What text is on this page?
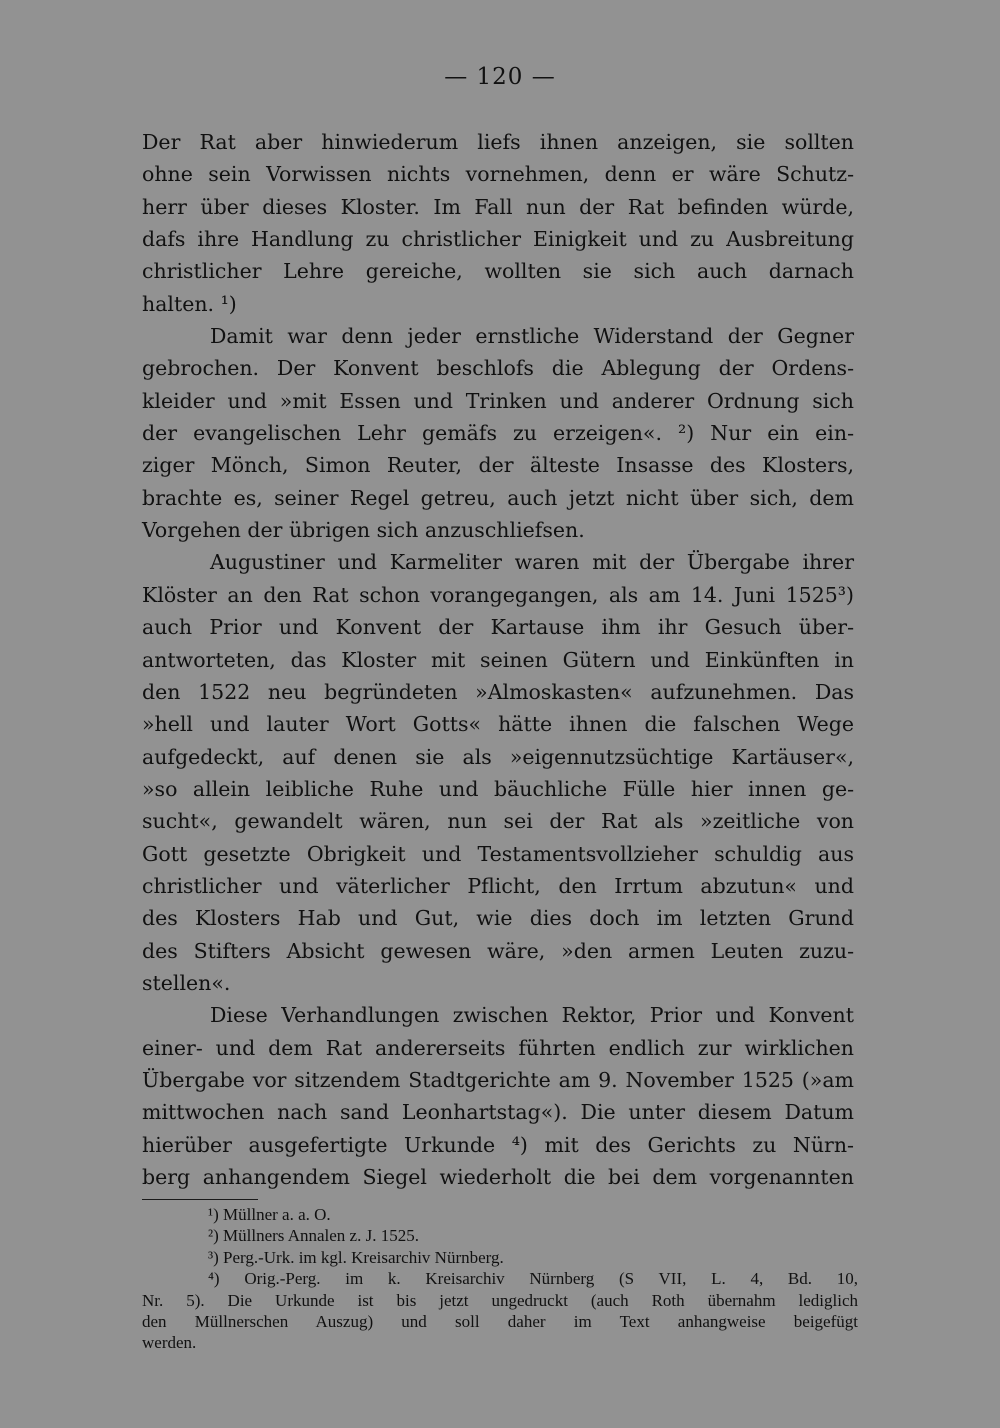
— 120 —
Der Rat aber hinwiederum liefs ihnen anzeigen, sie sollten
ohne sein Vorwissen nichts vornehmen, denn er wäre Schutz-
herr über dieses Kloster. Im Fall nun der Rat befinden würde,
dafs ihre Handlung zu christlicher Einigkeit und zu Ausbreitung
christlicher Lehre gereiche, wollten sie sich auch darnach
halten. ¹)
Damit war denn jeder ernstliche Widerstand der Gegner
gebrochen. Der Konvent beschlofs die Ablegung der Ordens-
kleider und »mit Essen und Trinken und anderer Ordnung sich
der evangelischen Lehr gemäfs zu erzeigen«. ²) Nur ein ein-
ziger Mönch, Simon Reuter, der älteste Insasse des Klosters,
brachte es, seiner Regel getreu, auch jetzt nicht über sich, dem
Vorgehen der übrigen sich anzuschliefsen.
Augustiner und Karmeliter waren mit der Übergabe ihrer
Klöster an den Rat schon vorangegangen, als am 14. Juni 1525³)
auch Prior und Konvent der Kartause ihm ihr Gesuch über-
antworteten, das Kloster mit seinen Gütern und Einkünften in
den 1522 neu begründeten »Almoskasten« aufzunehmen. Das
»hell und lauter Wort Gotts« hätte ihnen die falschen Wege
aufgedeckt, auf denen sie als »eigennutzsüchtige Kartäuser«,
»so allein leibliche Ruhe und bäuchliche Fülle hier innen ge-
sucht«, gewandelt wären, nun sei der Rat als »zeitliche von
Gott gesetzte Obrigkeit und Testamentsvollzieher schuldig aus
christlicher und väterlicher Pflicht, den Irrtum abzutun« und
des Klosters Hab und Gut, wie dies doch im letzten Grund
des Stifters Absicht gewesen wäre, »den armen Leuten zuzu-
stellen«.
Diese Verhandlungen zwischen Rektor, Prior und Konvent
einer- und dem Rat andererseits führten endlich zur wirklichen
Übergabe vor sitzendem Stadtgerichte am 9. November 1525 (»am
mittwochen nach sand Leonhartstag«). Die unter diesem Datum
hierüber ausgefertigte Urkunde ⁴) mit des Gerichts zu Nürn-
berg anhangendem Siegel wiederholt die bei dem vorgenannten
¹) Müllner a. a. O.
²) Müllners Annalen z. J. 1525.
³) Perg.-Urk. im kgl. Kreisarchiv Nürnberg.
⁴) Orig.-Perg. im k. Kreisarchiv Nürnberg (S VII, L. 4, Bd. 10,
Nr. 5). Die Urkunde ist bis jetzt ungedruckt (auch Roth übernahm lediglich
den Müllnerschen Auszug) und soll daher im Text anhangweise beigefügt
werden.
